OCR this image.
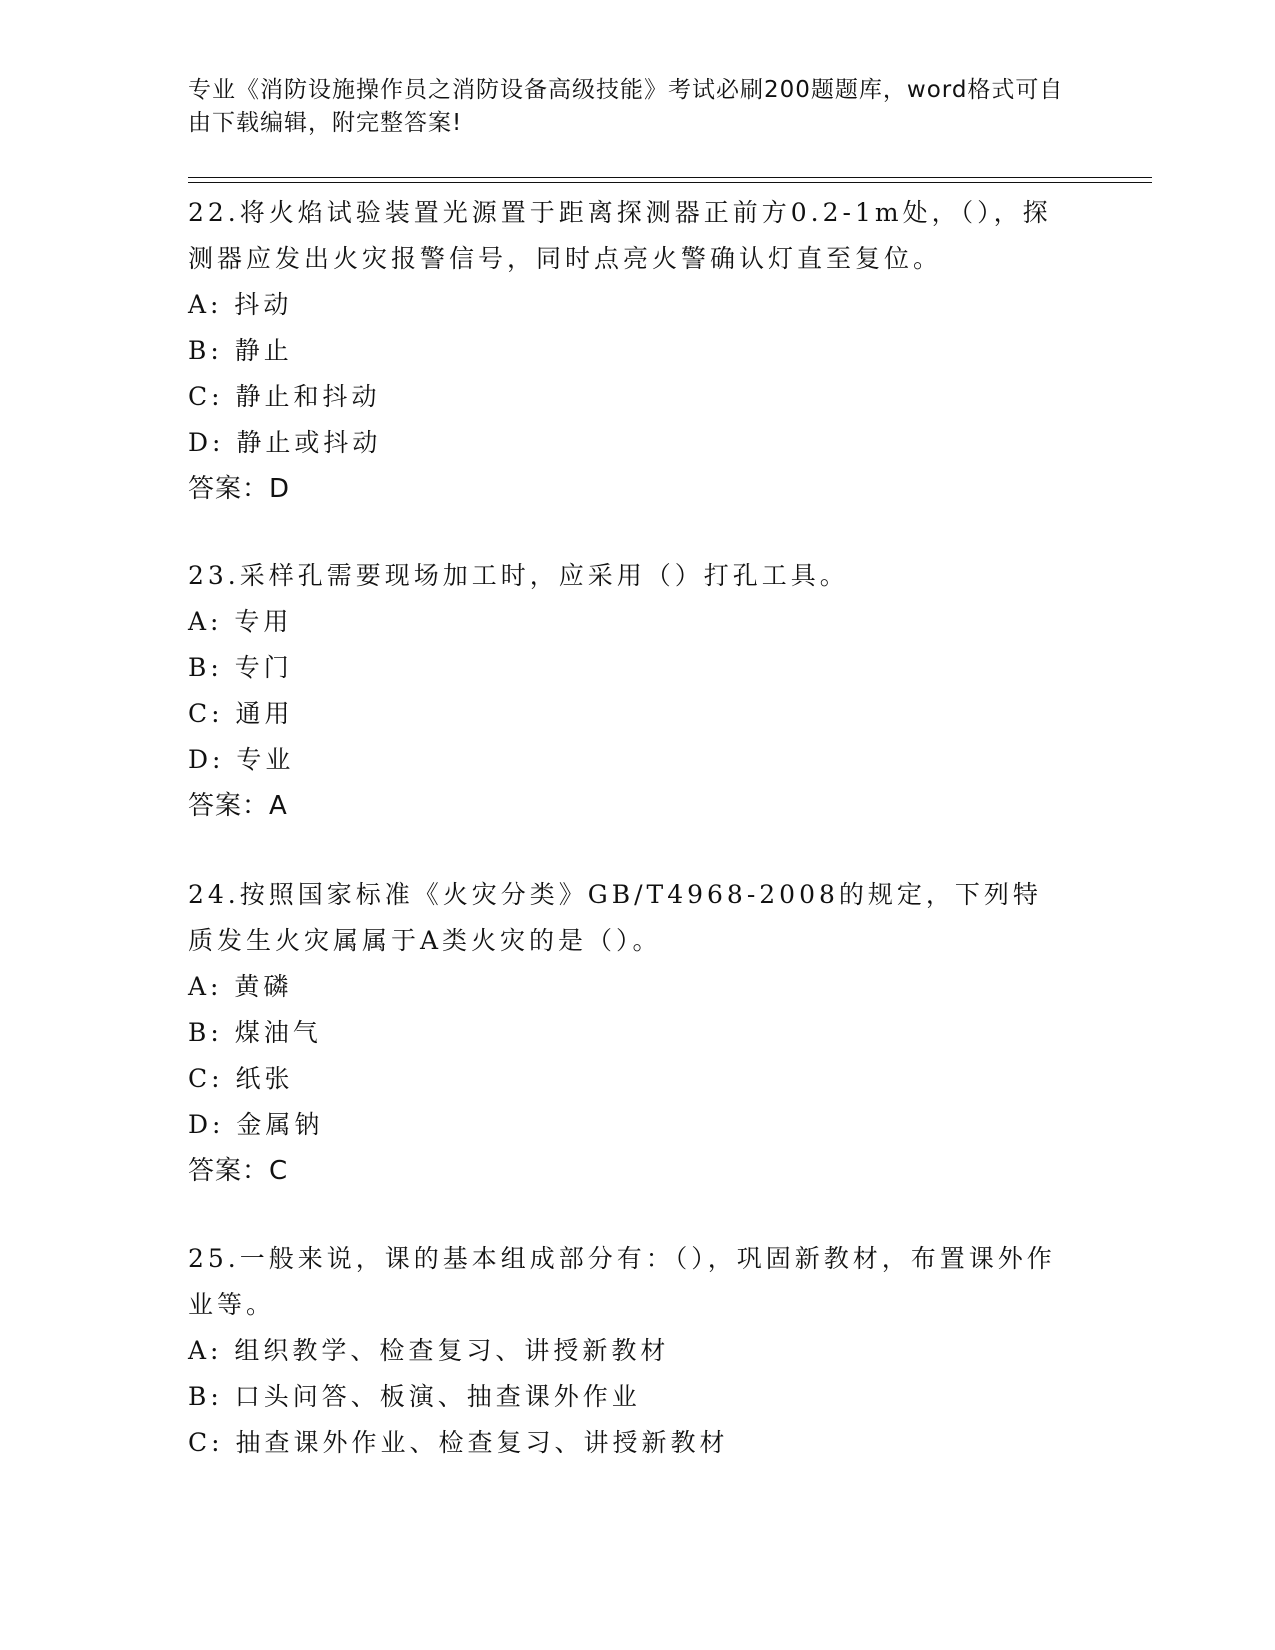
专业《消防设施操作员之消防设备高级技能》考试必刷200题题库，word格式可自由下载编辑，附完整答案!
22.将火焰试验装置光源置于距离探测器正前方0.2-1m处，（），探测器应发出火灾报警信号，同时点亮火警确认灯直至复位。
A: 抖动
B: 静止
C: 静止和抖动
D: 静止或抖动
答案：D
23.采样孔需要现场加工时，应采用（）打孔工具。
A: 专用
B: 专门
C: 通用
D: 专业
答案：A
24.按照国家标准《火灾分类》GB/T4968-2008的规定，下列特质发生火灾属属于A类火灾的是（）。
A: 黄磷
B: 煤油气
C: 纸张
D: 金属钠
答案：C
25.一般来说，课的基本组成部分有：（），巩固新教材，布置课外作业等。
A: 组织教学、检查复习、讲授新教材
B: 口头问答、板演、抽查课外作业
C: 抽查课外作业、检查复习、讲授新教材
